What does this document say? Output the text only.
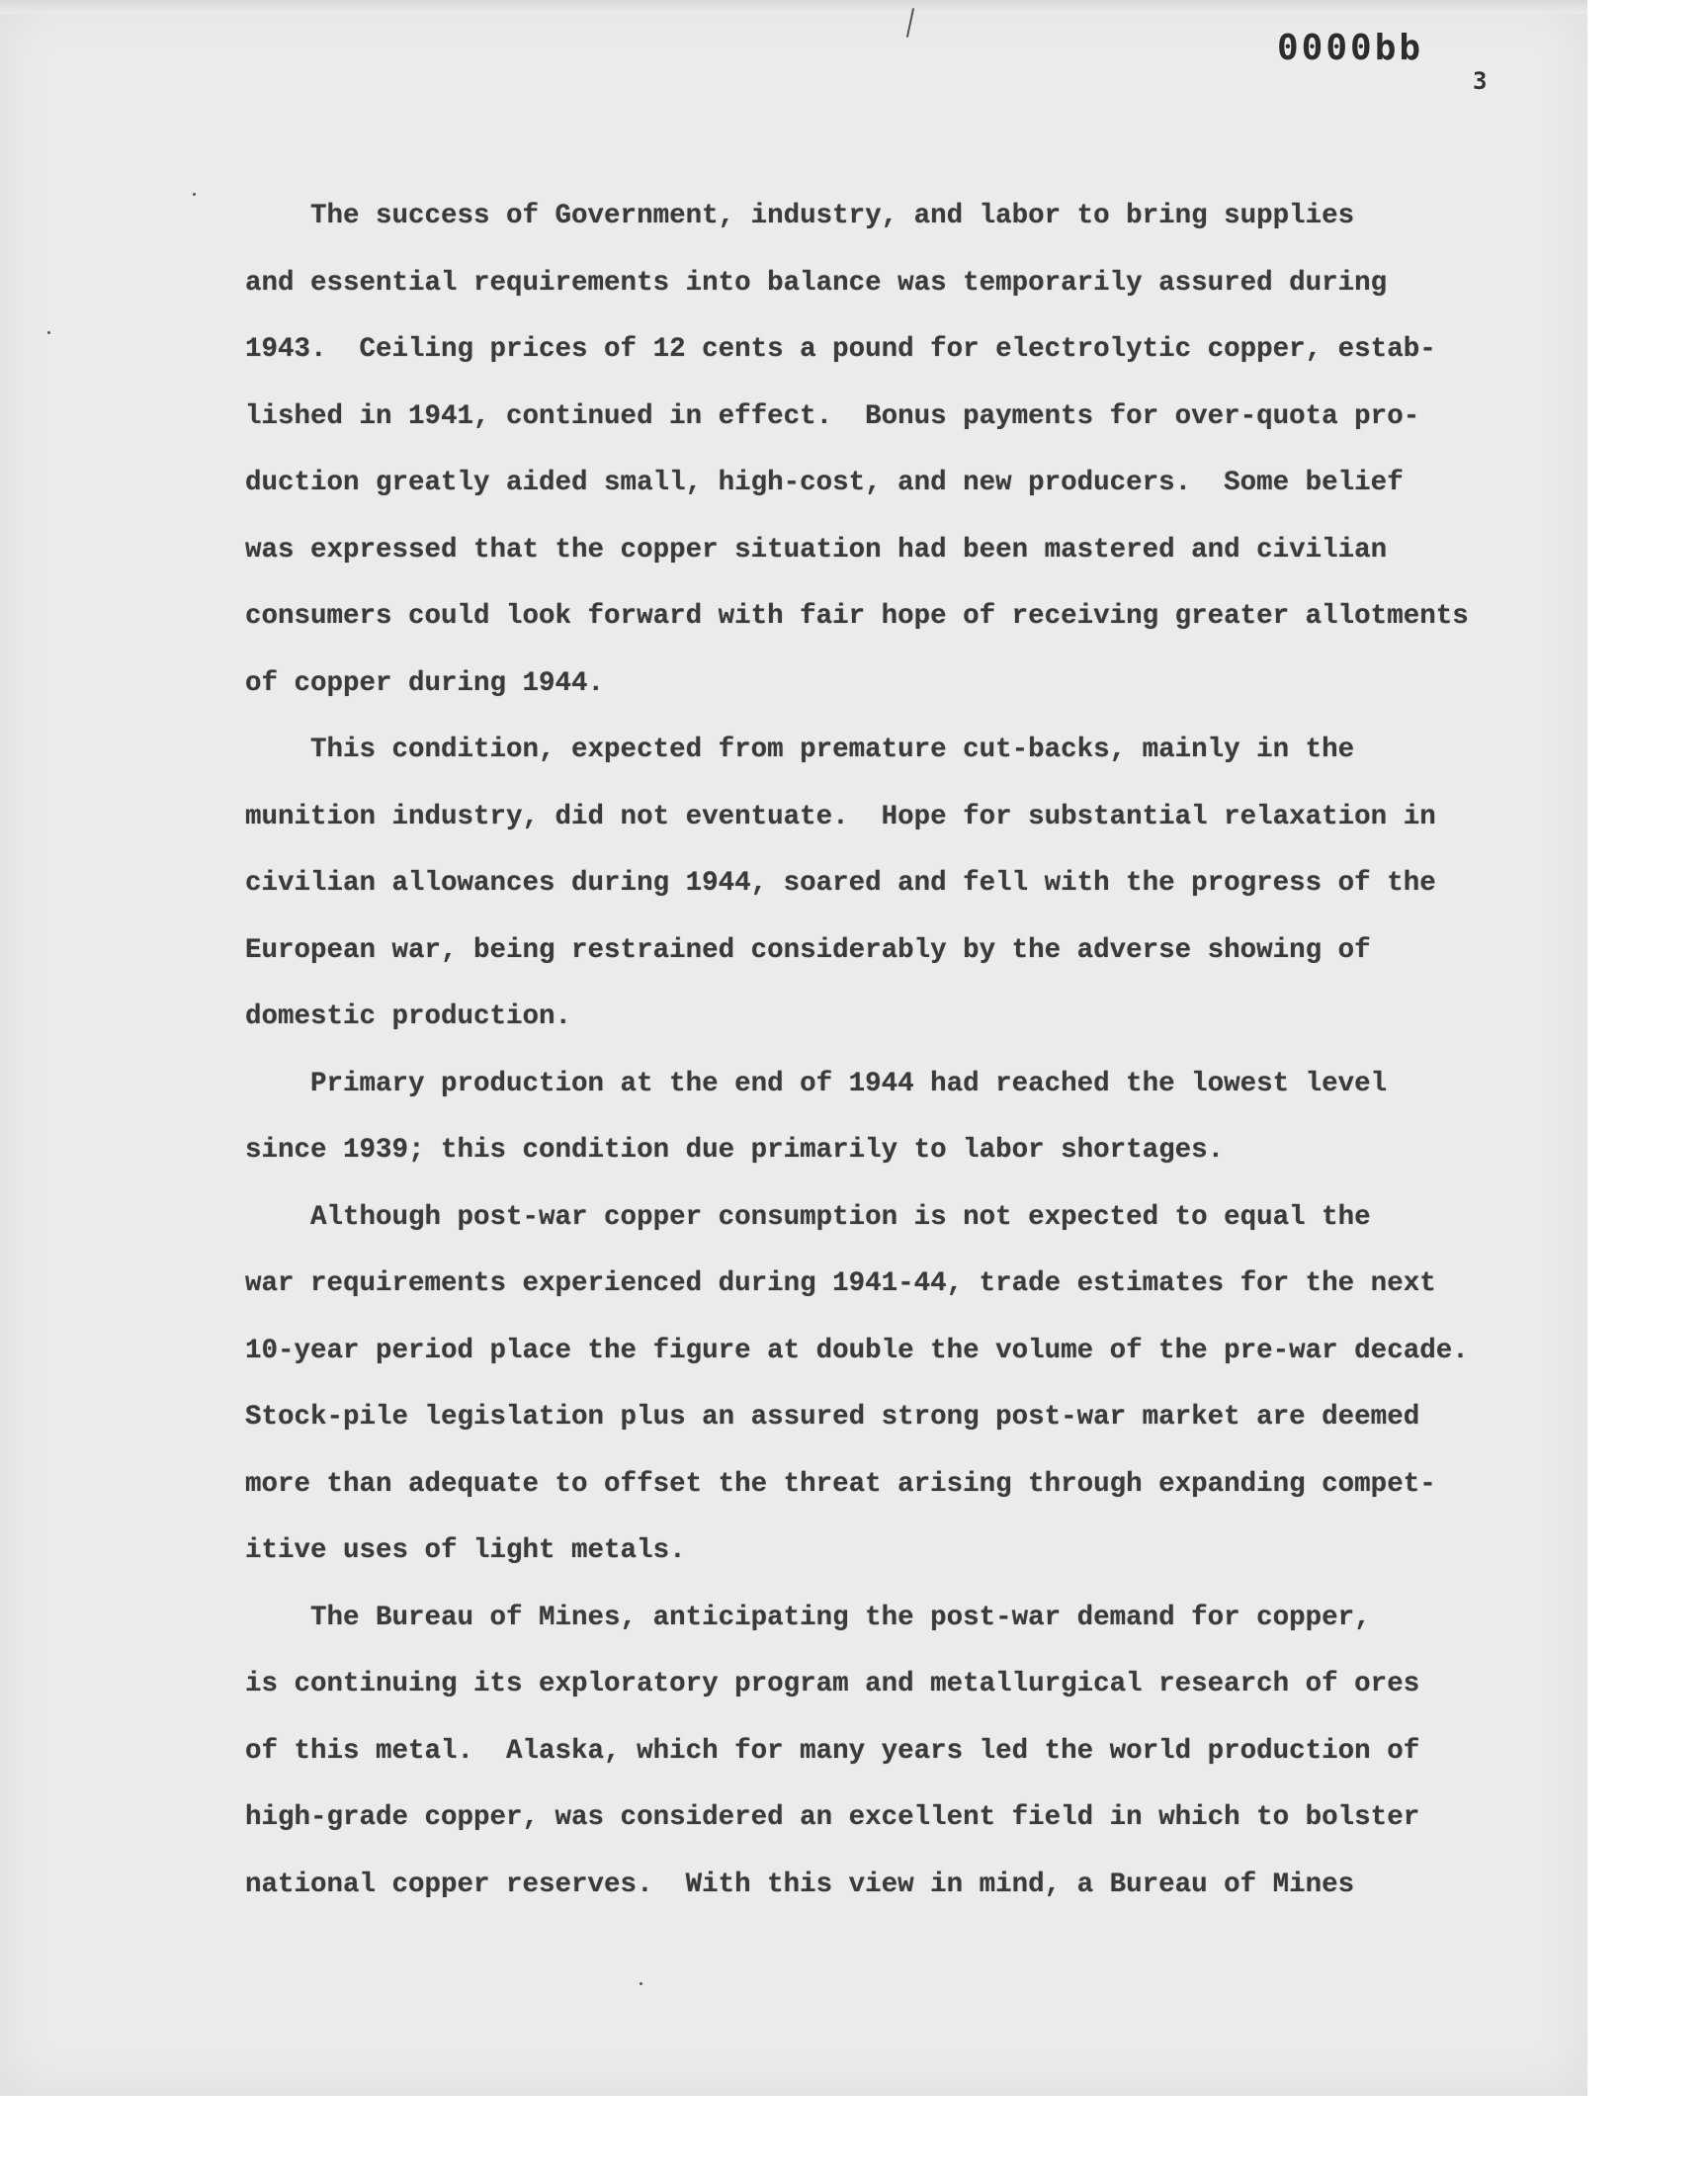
0000bb
3

The success of Government, industry, and labor to bring supplies

and essential requirements into balance was temporarily assured during

1943.  Ceiling prices of 12 cents a pound for electrolytic copper, estab-

lished in 1941, continued in effect.  Bonus payments for over-quota pro-

duction greatly aided small, high-cost, and new producers.  Some belief

was expressed that the copper situation had been mastered and civilian

consumers could look forward with fair hope of receiving greater allotments

of copper during 1944.

This condition, expected from premature cut-backs, mainly in the

munition industry, did not eventuate.  Hope for substantial relaxation in

civilian allowances during 1944, soared and fell with the progress of the

European war, being restrained considerably by the adverse showing of

domestic production.

Primary production at the end of 1944 had reached the lowest level

since 1939; this condition due primarily to labor shortages.

Although post-war copper consumption is not expected to equal the

war requirements experienced during 1941-44, trade estimates for the next

10-year period place the figure at double the volume of the pre-war decade.

Stock-pile legislation plus an assured strong post-war market are deemed

more than adequate to offset the threat arising through expanding compet-

itive uses of light metals.

The Bureau of Mines, anticipating the post-war demand for copper,

is continuing its exploratory program and metallurgical research of ores

of this metal.  Alaska, which for many years led the world production of

high-grade copper, was considered an excellent field in which to bolster

national copper reserves.  With this view in mind, a Bureau of Mines
